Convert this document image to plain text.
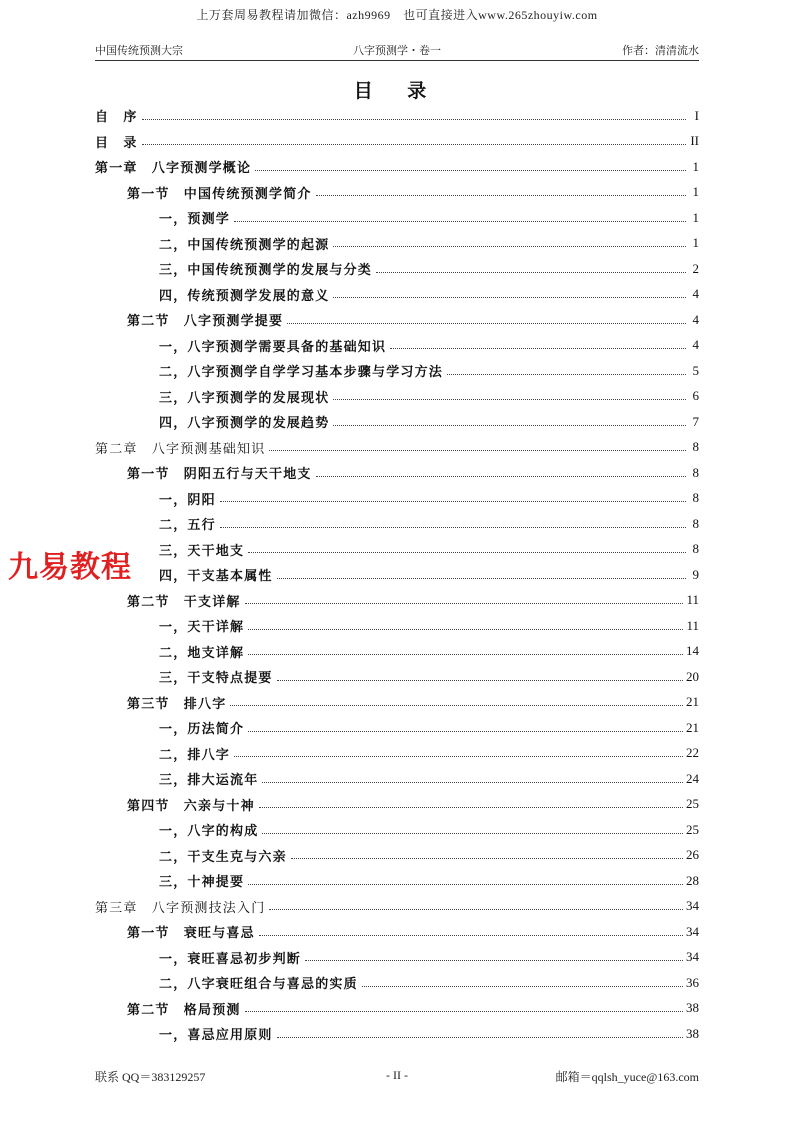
上万套周易教程请加微信：azh9969　也可直接进入www.265zhouyiw.com
中国传统预测大宗	八字预测学・卷一	作者：清清流水
目 录
自　序	I
目　录	II
第一章　八字预测学概论	1
第一节　中国传统预测学简介	1
一，预测学	1
二，中国传统预测学的起源	1
三，中国传统预测学的发展与分类	2
四，传统预测学发展的意义	4
第二节　八字预测学提要	4
一，八字预测学需要具备的基础知识	4
二，八字预测学自学学习基本步骤与学习方法	5
三，八字预测学的发展现状	6
四，八字预测学的发展趋势	7
第二章　八字预测基础知识	8
第一节　阴阳五行与天干地支	8
一，阴阳	8
二，五行	8
三，天干地支	8
四，干支基本属性	9
第二节　干支详解	11
一，天干详解	11
二，地支详解	14
三，干支特点提要	20
第三节　排八字	21
一，历法简介	21
二，排八字	22
三，排大运流年	24
第四节　六亲与十神	25
一，八字的构成	25
二，干支生克与六亲	26
三，十神提要	28
第三章　八字预测技法入门	34
第一节　衰旺与喜忌	34
一，衰旺喜忌初步判断	34
二，八字衰旺组合与喜忌的实质	36
第二节　格局预测	38
一，喜忌应用原则	38
九易教程
联系 QQ＝383129257	- II -	邮箱＝qqlsh_yuce@163.com
